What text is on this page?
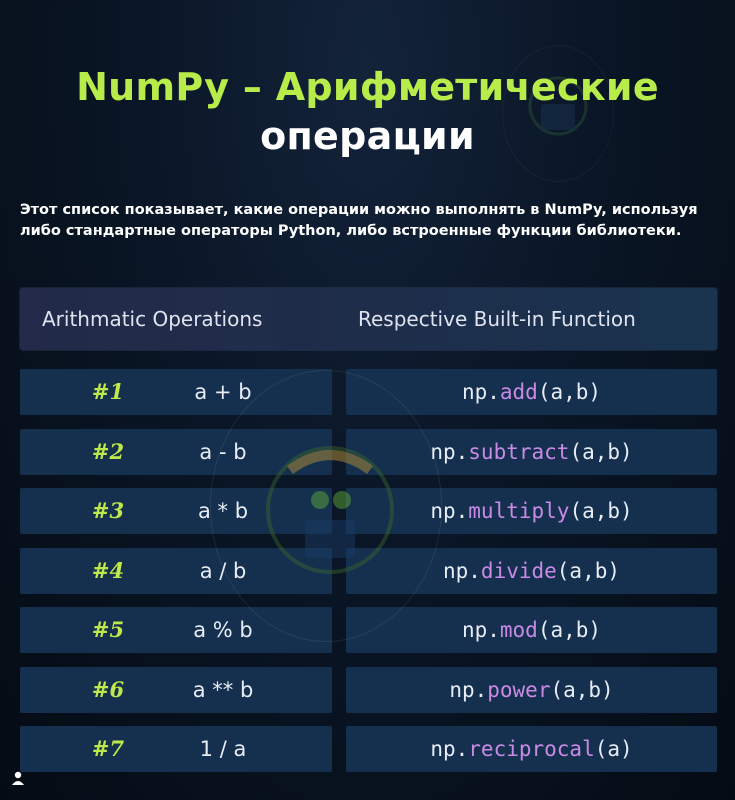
NumPy – Арифметические
операции
Этот список показывает, какие операции можно выполнять в NumPy, используя либо стандартные операторы Python, либо встроенные функции библиотеки.
Arithmatic Operations	Respective Built-in Function
#1	a + b	np.add(a,b)
#2	a - b	np.subtract(a,b)
#3	a * b	np.multiply(a,b)
#4	a / b	np.divide(a,b)
#5	a % b	np.mod(a,b)
#6	a ** b	np.power(a,b)
#7	1 / a	np.reciprocal(a)
